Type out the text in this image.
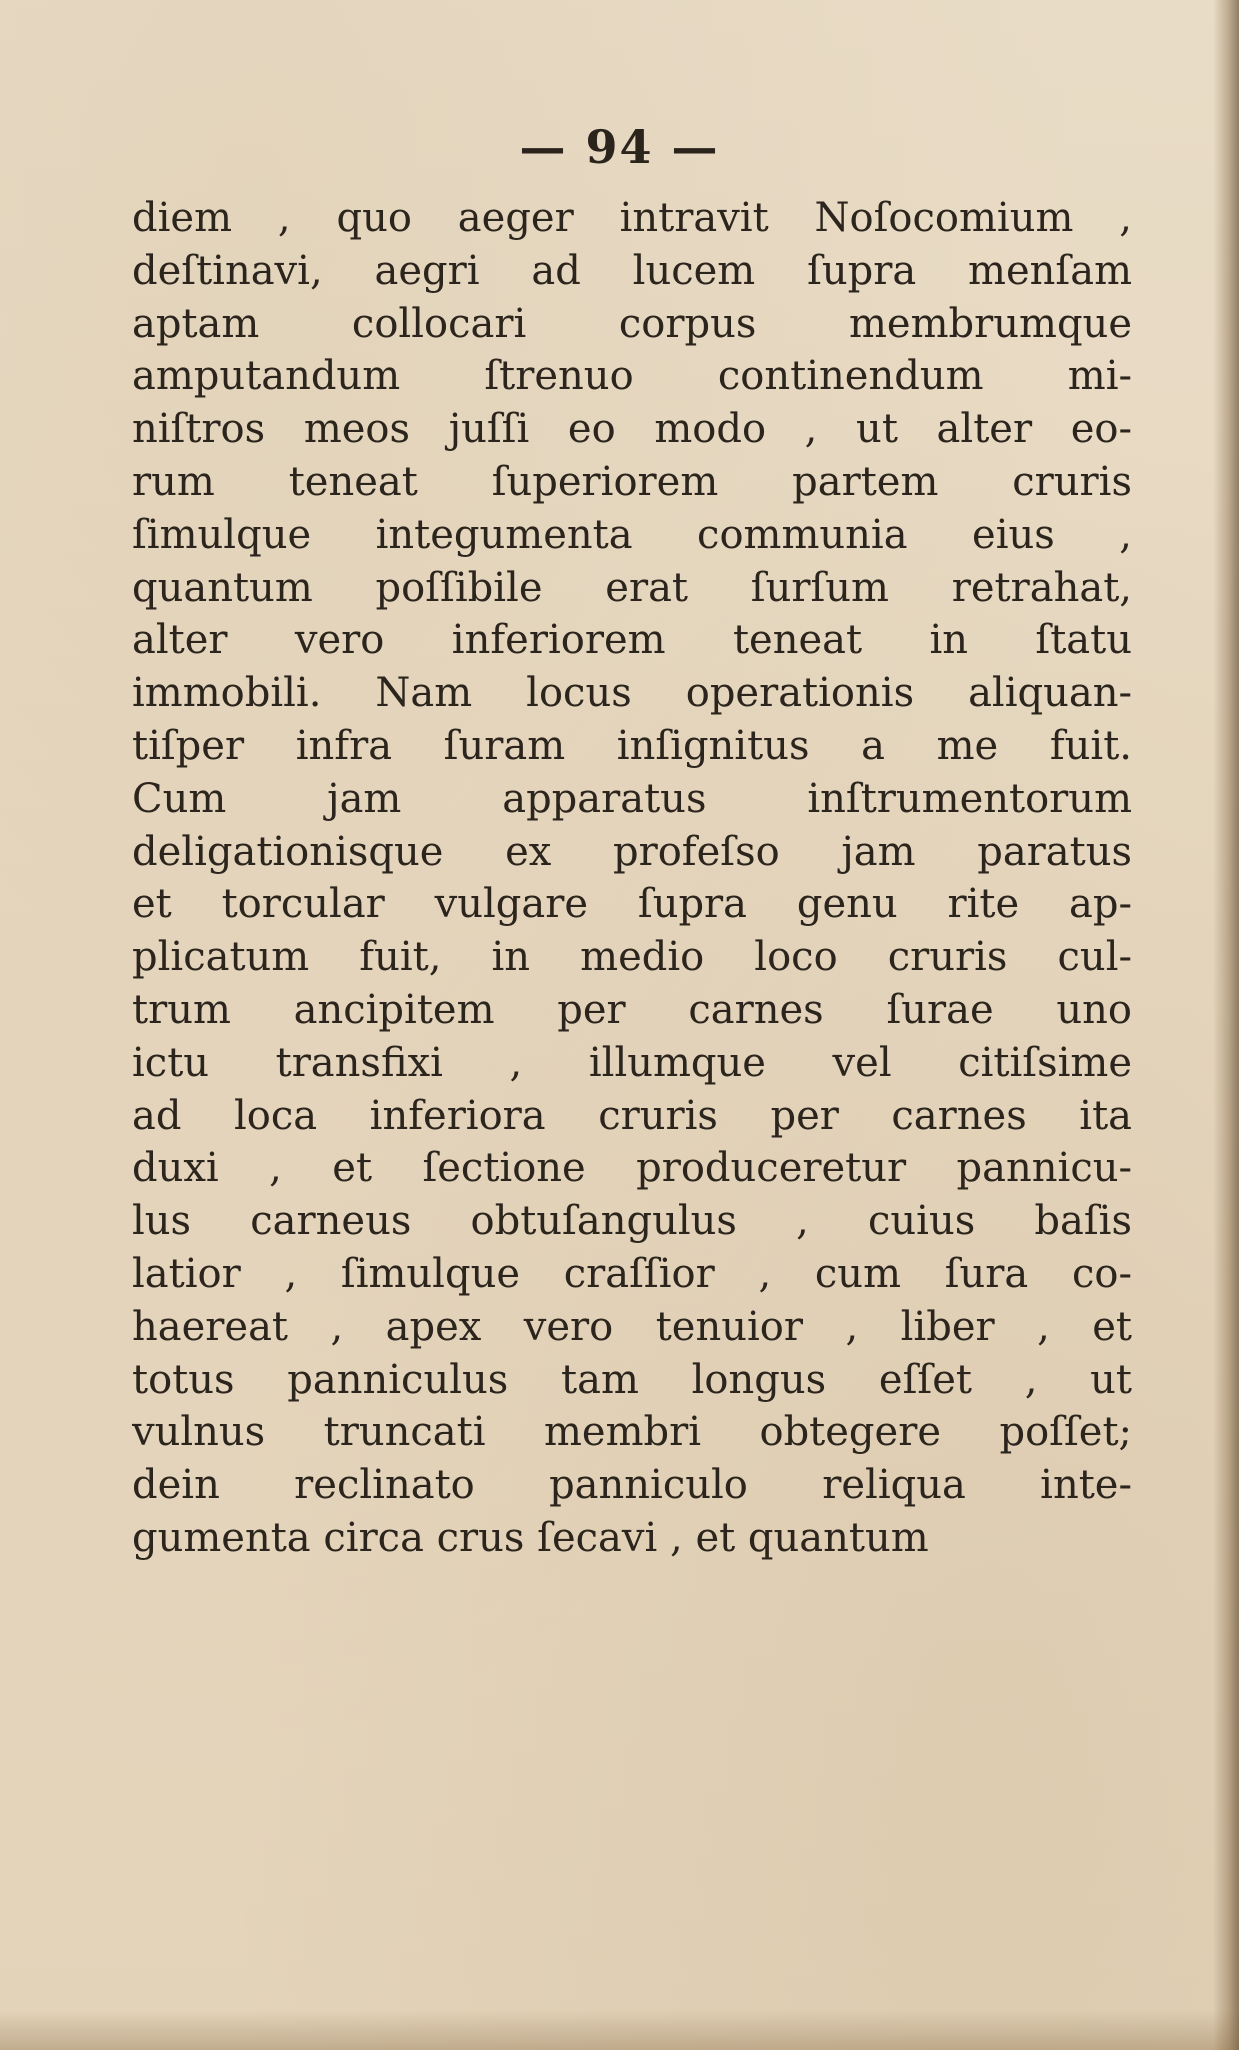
— 94 —
diem , quo aeger intravit Noſocomium ,
deſtinavi, aegri ad lucem ſupra menſam
aptam collocari corpus membrumque
amputandum ſtrenuo continendum mi-
niſtros meos juſſi eo modo , ut alter eo-
rum teneat ſuperiorem partem cruris
ſimulque integumenta communia eius ,
quantum poſſibile erat ſurſum retrahat,
alter vero inferiorem teneat in ſtatu
immobili. Nam locus operationis aliquan-
tiſper infra ſuram inſignitus a me fuit.
Cum jam apparatus inſtrumentorum
deligationisque ex profeſso jam paratus
et torcular vulgare ſupra genu rite ap-
plicatum fuit, in medio loco cruris cul-
trum ancipitem per carnes ſurae uno
ictu transfixi , illumque vel citiſsime
ad loca inferiora cruris per carnes ita
duxi , et ſectione produceretur pannicu-
lus carneus obtuſangulus , cuius baſis
latior , ſimulque craſſior , cum ſura co-
haereat , apex vero tenuior , liber , et
totus panniculus tam longus eſſet , ut
vulnus truncati membri obtegere poſſet;
dein reclinato panniculo reliqua inte-
gumenta circa crus ſecavi , et quantum
